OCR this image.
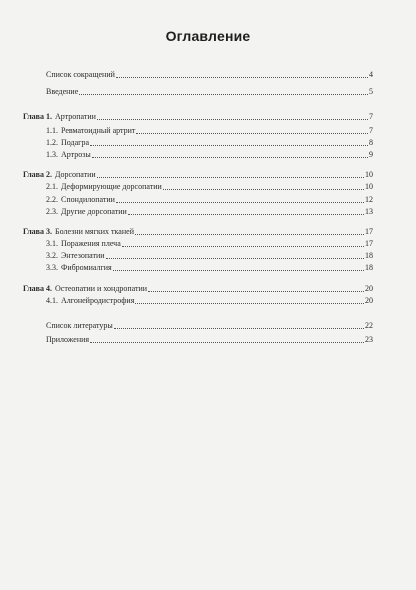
Оглавление
Список сокращений	4
Введение	5
Глава 1. Артропатии	7
1.1. Ревматоидный артрит	7
1.2. Подагра	8
1.3. Артрозы	9
Глава 2. Дорсопатии	10
2.1. Деформирующие дорсопатии	10
2.2. Спондилопатии	12
2.3. Другие дорсопатии	13
Глава 3. Болезни мягких тканей	17
3.1. Поражения плеча	17
3.2. Энтезопатии	18
3.3. Фибромиалгия	18
Глава 4. Остеопатии и хондропатии	20
4.1. Алгонейродистрофия	20
Список литературы	22
Приложения	23
